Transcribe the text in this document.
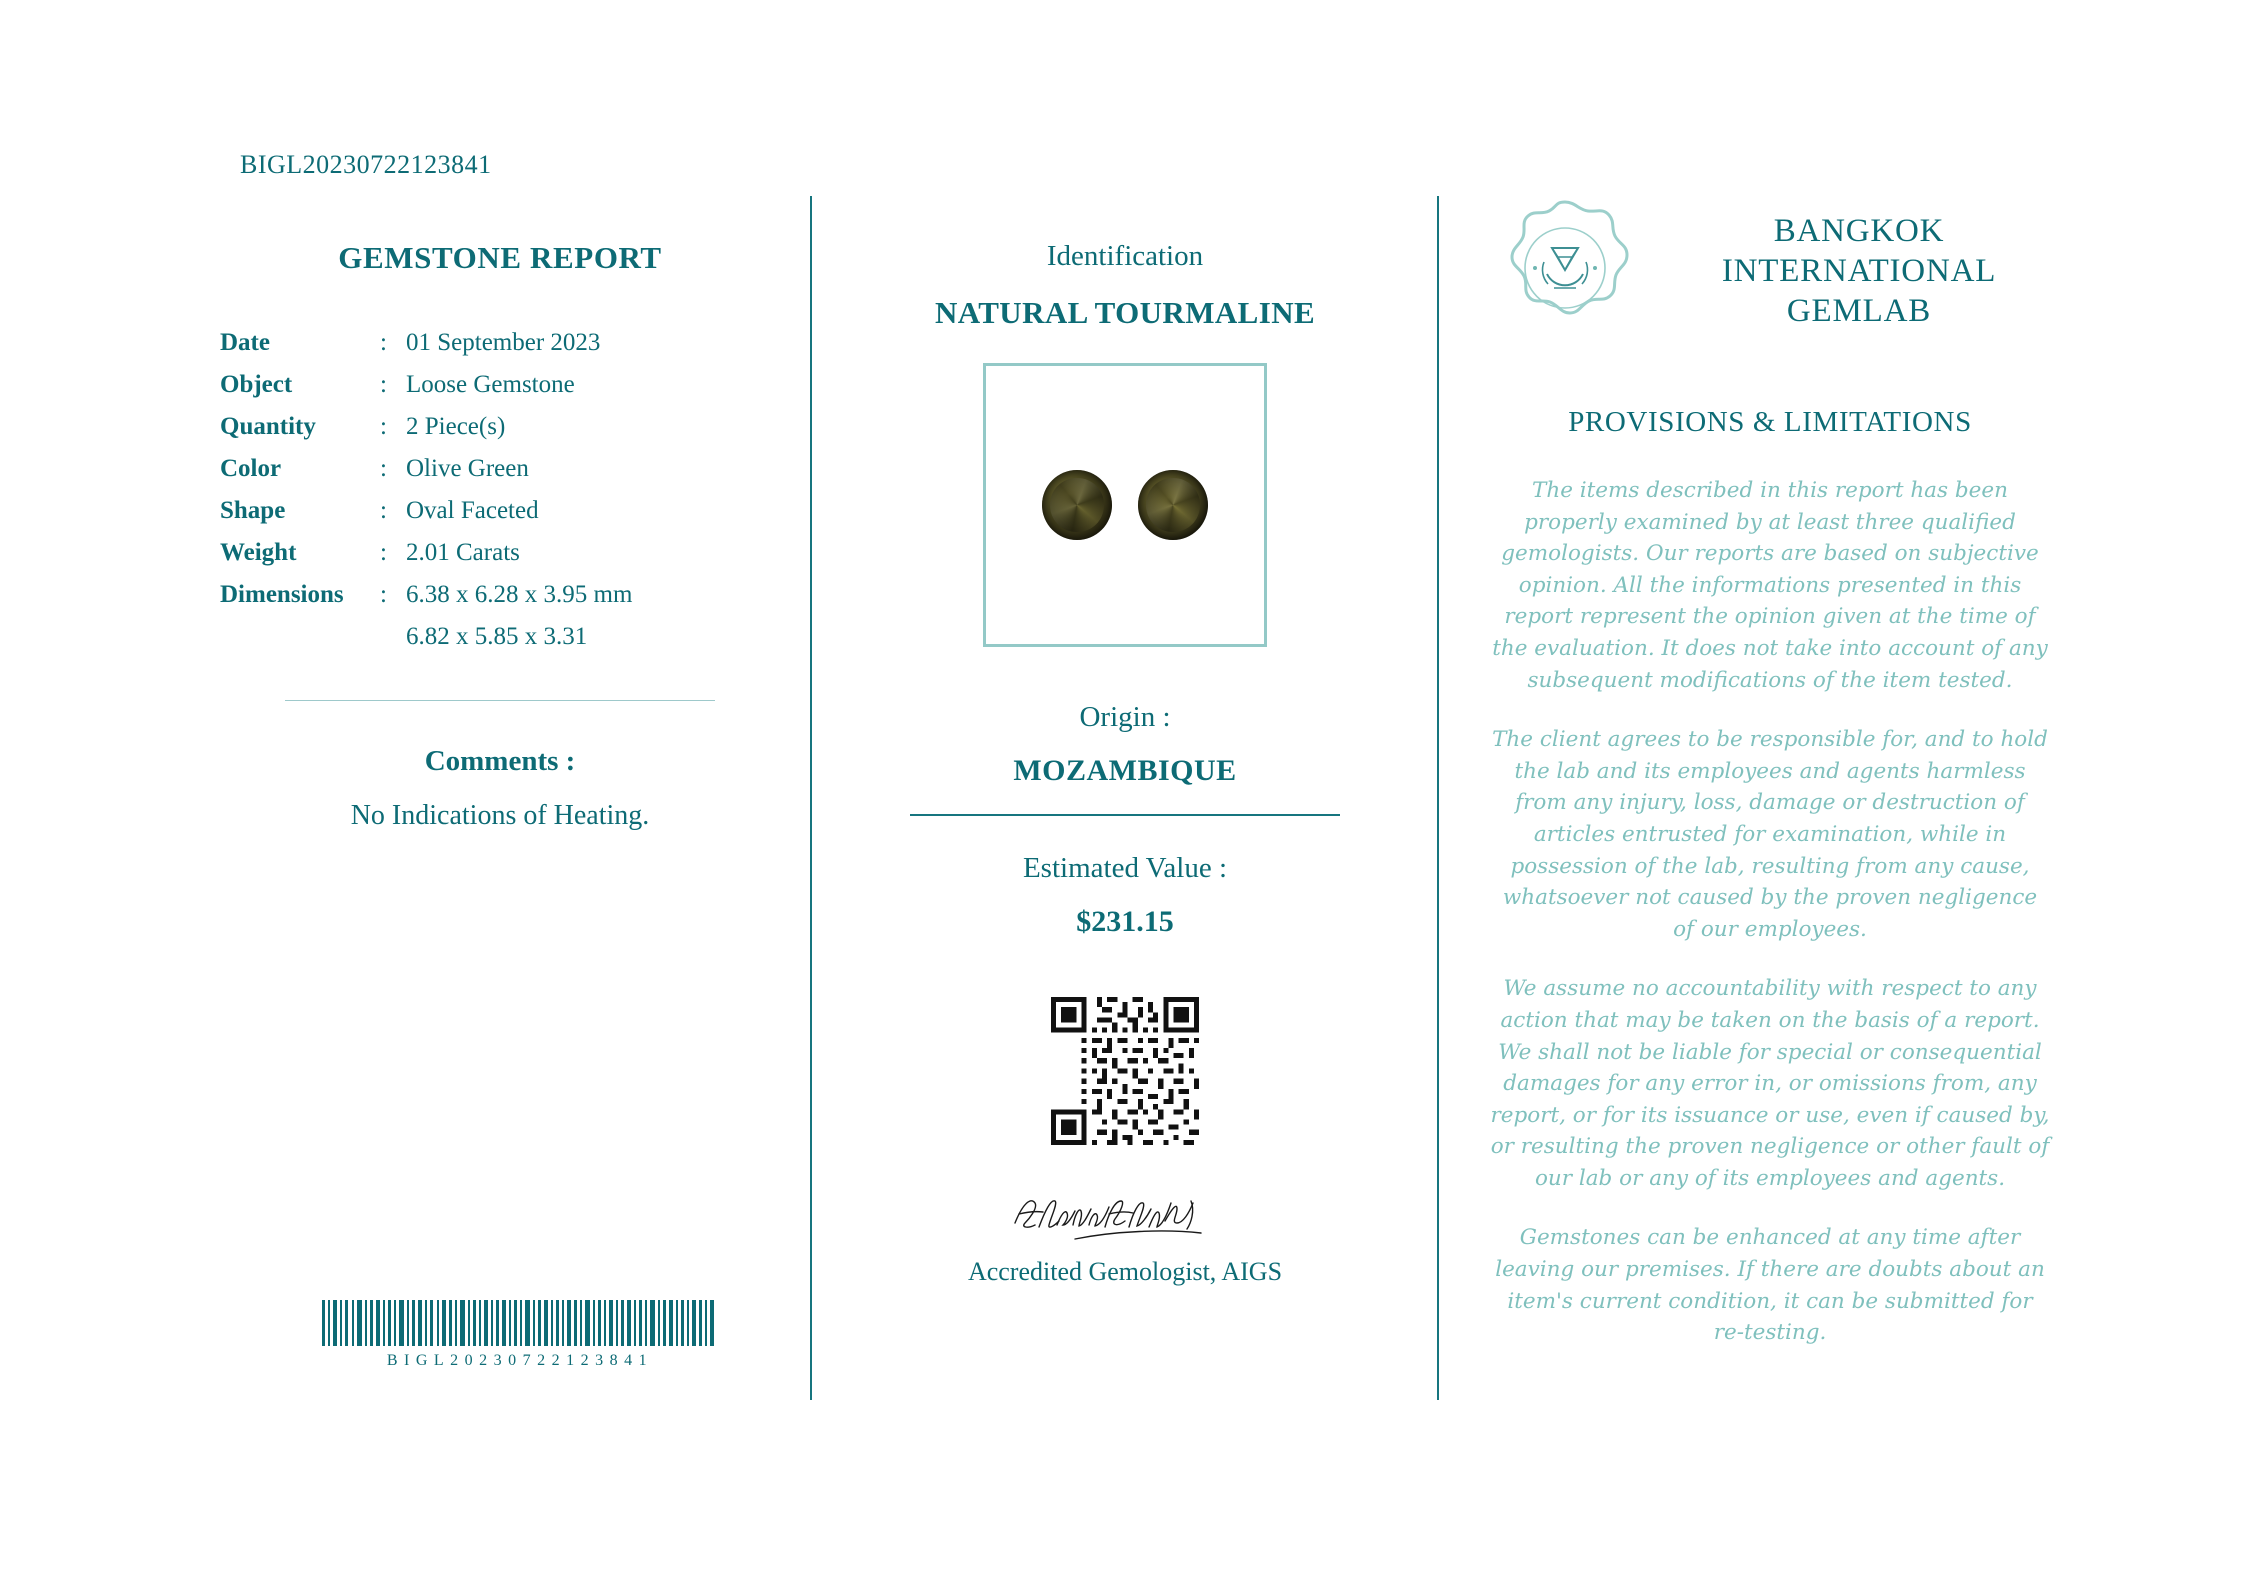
BIGL20230722123841
GEMSTONE REPORT
Date	:	01 September 2023
Object	:	Loose Gemstone
Quantity	:	2 Piece(s)
Color	:	Olive Green
Shape	:	Oval Faceted
Weight	:	2.01 Carats
Dimensions	:	6.38 x 6.28 x 3.95 mm
		6.82 x 5.85 x 3.31
Comments :
No Indications of Heating.
BIGL20230722123841
Identification
NATURAL TOURMALINE
Origin :
MOZAMBIQUE
Estimated Value :
$231.15
Accredited Gemologist, AIGS
BANGKOK INTERNATIONAL GEMLAB
PROVISIONS & LIMITATIONS

The items described in this report has been properly examined by at least three qualified gemologists. Our reports are based on subjective opinion. All the informations presented in this report represent the opinion given at the time of the evaluation. It does not take into account of any subsequent modifications of the item tested.

The client agrees to be responsible for, and to hold the lab and its employees and agents harmless from any injury, loss, damage or destruction of articles entrusted for examination, while in possession of the lab, resulting from any cause, whatsoever not caused by the proven negligence of our employees.

We assume no accountability with respect to any action that may be taken on the basis of a report. We shall not be liable for special or consequential damages for any error in, or omissions from, any report, or for its issuance or use, even if caused by, or resulting the proven negligence or other fault of our lab or any of its employees and agents.

Gemstones can be enhanced at any time after leaving our premises. If there are doubts about an item's current condition, it can be submitted for re-testing.
